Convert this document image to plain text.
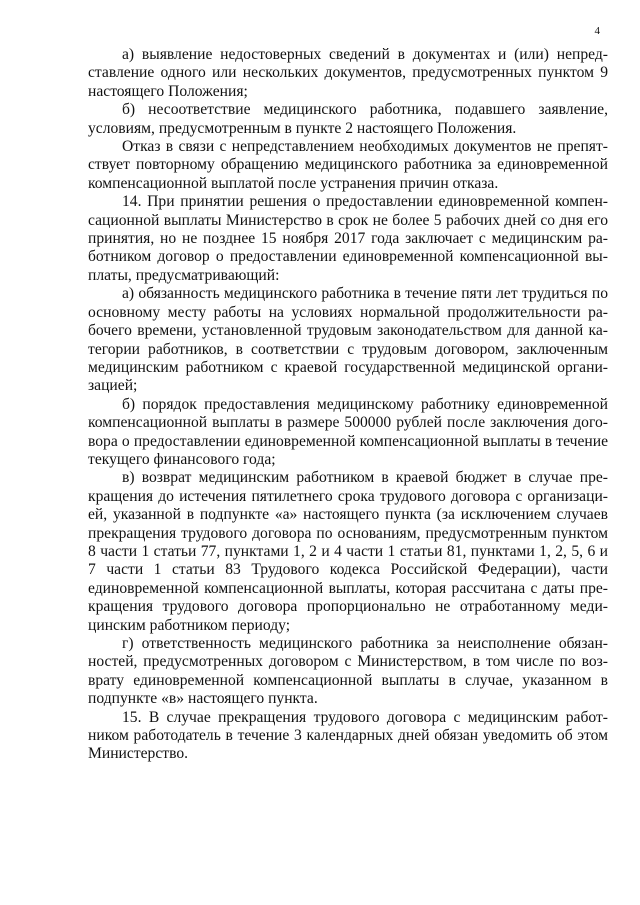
4

а) выявление недостоверных сведений в документах и (или) непредставление одного или нескольких документов, предусмотренных пунктом 9 настоящего Положения;

б) несоответствие медицинского работника, подавшего заявление, условиям, предусмотренным в пункте 2 настоящего Положения.

Отказ в связи с непредставлением необходимых документов не препятствует повторному обращению медицинского работника за единовременной компенсационной выплатой после устранения причин отказа.

14. При принятии решения о предоставлении единовременной компенсационной выплаты Министерство в срок не более 5 рабочих дней со дня его принятия, но не позднее 15 ноября 2017 года заключает с медицинским работником договор о предоставлении единовременной компенсационной выплаты, предусматривающий:

а) обязанность медицинского работника в течение пяти лет трудиться по основному месту работы на условиях нормальной продолжительности рабочего времени, установленной трудовым законодательством для данной категории работников, в соответствии с трудовым договором, заключенным медицинским работником с краевой государственной медицинской организацией;

б) порядок предоставления медицинскому работнику единовременной компенсационной выплаты в размере 500000 рублей после заключения договора о предоставлении единовременной компенсационной выплаты в течение текущего финансового года;

в) возврат медицинским работником в краевой бюджет в случае прекращения до истечения пятилетнего срока трудового договора с организацией, указанной в подпункте «а» настоящего пункта (за исключением случаев прекращения трудового договора по основаниям, предусмотренным пунктом 8 части 1 статьи 77, пунктами 1, 2 и 4 части 1 статьи 81, пунктами 1, 2, 5, 6 и 7 части 1 статьи 83 Трудового кодекса Российской Федерации), части единовременной компенсационной выплаты, которая рассчитана с даты прекращения трудового договора пропорционально не отработанному медицинским работником периоду;

г) ответственность медицинского работника за неисполнение обязанностей, предусмотренных договором с Министерством, в том числе по возврату единовременной компенсационной выплаты в случае, указанном в подпункте «в» настоящего пункта.

15. В случае прекращения трудового договора с медицинским работником работодатель в течение 3 календарных дней обязан уведомить об этом Министерство.
